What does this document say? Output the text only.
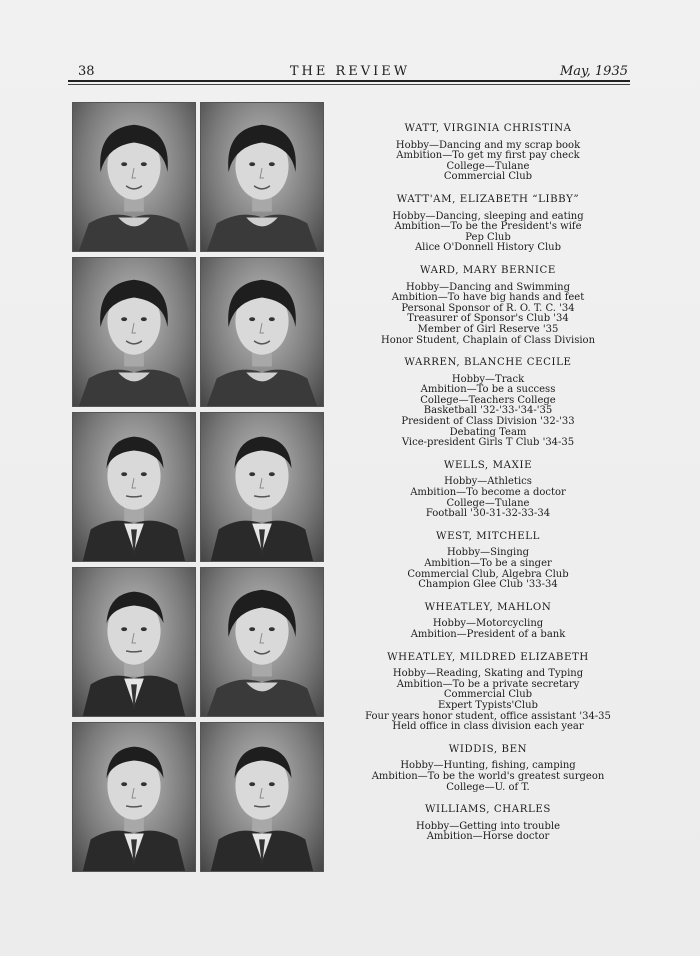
38	THE REVIEW	May, 1935
WATT, VIRGINIA CHRISTINA
Hobby—Dancing and my scrap book
Ambition—To get my first pay check
College—Tulane
Commercial Club
WATT'AM, ELIZABETH “LIBBY”
Hobby—Dancing, sleeping and eating
Ambition—To be the President's wife
Pep Club
Alice O'Donnell History Club
WARD, MARY BERNICE
Hobby—Dancing and Swimming
Ambition—To have big hands and feet
Personal Sponsor of R. O. T. C. '34
Treasurer of Sponsor's Club '34
Member of Girl Reserve '35
Honor Student, Chaplain of Class Division
WARREN, BLANCHE CECILE
Hobby—Track
Ambition—To be a success
College—Teachers College
Basketball '32-'33-'34-'35
President of Class Division '32-'33
Debating Team
Vice-president Girls T Club '34-35
WELLS, MAXIE
Hobby—Athletics
Ambition—To become a doctor
College—Tulane
Football '30-31-32-33-34
WEST, MITCHELL
Hobby—Singing
Ambition—To be a singer
Commercial Club, Algebra Club
Champion Glee Club '33-34
WHEATLEY, MAHLON
Hobby—Motorcycling
Ambition—President of a bank
WHEATLEY, MILDRED ELIZABETH
Hobby—Reading, Skating and Typing
Ambition—To be a private secretary
Commercial Club
Expert Typists'Club
Four years honor student, office assistant '34-35
Held office in class division each year
WIDDIS, BEN
Hobby—Hunting, fishing, camping
Ambition—To be the world's greatest surgeon
College—U. of T.
WILLIAMS, CHARLES
Hobby—Getting into trouble
Ambition—Horse doctor
